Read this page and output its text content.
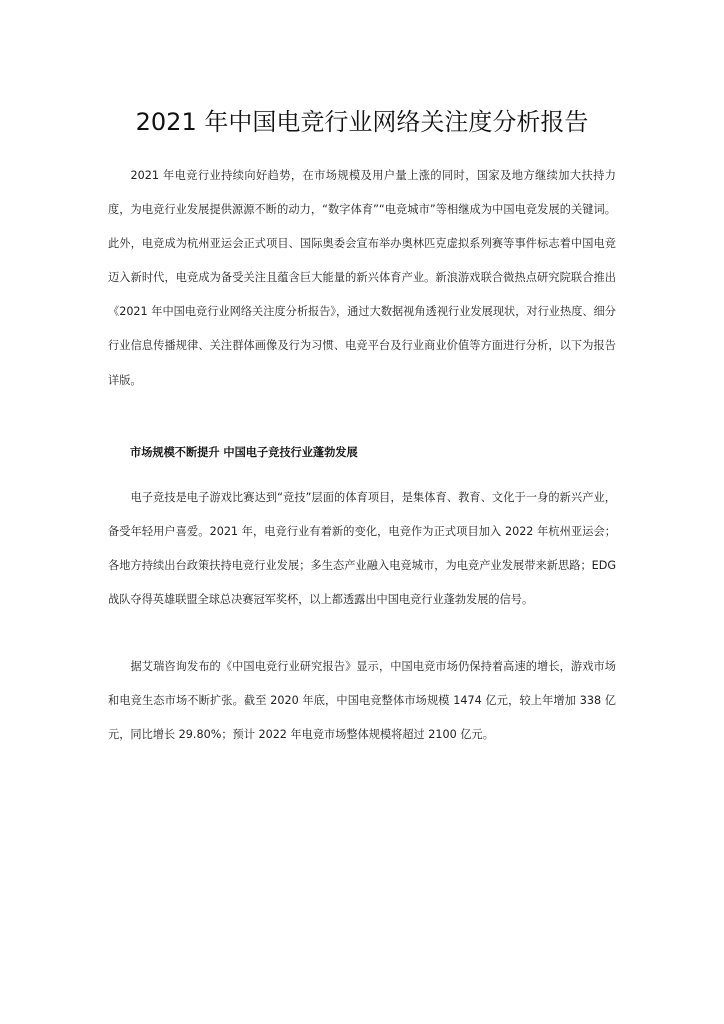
2021 年中国电竞行业网络关注度分析报告

2021 年电竞行业持续向好趋势，在市场规模及用户量上涨的同时，国家及地方继续加大扶持力度，为电竞行业发展提供源源不断的动力，“数字体育”“电竞城市”等相继成为中国电竞发展的关键词。此外，电竞成为杭州亚运会正式项目、国际奥委会宣布举办奥林匹克虚拟系列赛等事件标志着中国电竞迈入新时代，电竞成为备受关注且蕴含巨大能量的新兴体育产业。新浪游戏联合微热点研究院联合推出《2021 年中国电竞行业网络关注度分析报告》，通过大数据视角透视行业发展现状，对行业热度、细分行业信息传播规律、关注群体画像及行为习惯、电竞平台及行业商业价值等方面进行分析，以下为报告详版。

市场规模不断提升 中国电子竞技行业蓬勃发展

电子竞技是电子游戏比赛达到“竞技”层面的体育项目，是集体育、教育、文化于一身的新兴产业，备受年轻用户喜爱。2021 年，电竞行业有着新的变化，电竞作为正式项目加入 2022 年杭州亚运会；各地方持续出台政策扶持电竞行业发展；多生态产业融入电竞城市，为电竞产业发展带来新思路；EDG 战队夺得英雄联盟全球总决赛冠军奖杯，以上都透露出中国电竞行业蓬勃发展的信号。

据艾瑞咨询发布的《中国电竞行业研究报告》显示，中国电竞市场仍保持着高速的增长，游戏市场和电竞生态市场不断扩张。截至 2020 年底，中国电竞整体市场规模 1474 亿元，较上年增加 338 亿元，同比增长 29.80%；预计 2022 年电竞市场整体规模将超过 2100 亿元。
